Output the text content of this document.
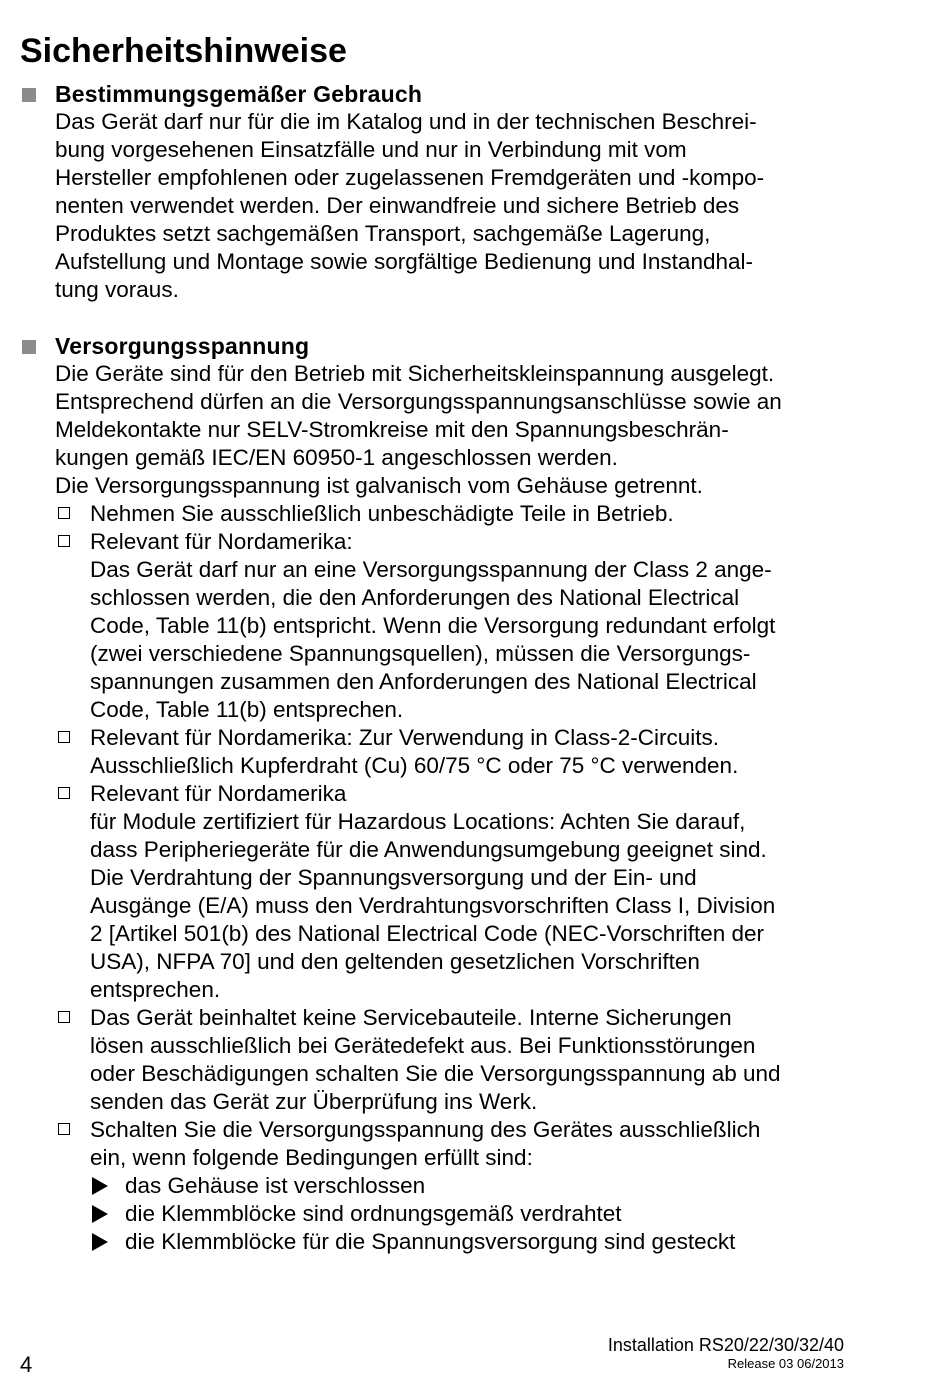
Sicherheitshinweise
Bestimmungsgemäßer Gebrauch
Das Gerät darf nur für die im Katalog und in der technischen Beschrei-
bung vorgesehenen Einsatzfälle und nur in Verbindung mit vom
Hersteller empfohlenen oder zugelassenen Fremdgeräten und -kompo-
nenten verwendet werden. Der einwandfreie und sichere Betrieb des
Produktes setzt sachgemäßen Transport, sachgemäße Lagerung,
Aufstellung und Montage sowie sorgfältige Bedienung und Instandhal-
tung voraus.
Versorgungsspannung
Die Geräte sind für den Betrieb mit Sicherheitskleinspannung ausgelegt.
Entsprechend dürfen an die Versorgungsspannungsanschlüsse sowie an
Meldekontakte nur SELV-Stromkreise mit den Spannungsbeschrän-
kungen gemäß IEC/EN 60950-1 angeschlossen werden.
Die Versorgungsspannung ist galvanisch vom Gehäuse getrennt.
Nehmen Sie ausschließlich unbeschädigte Teile in Betrieb.
Relevant für Nordamerika:
Das Gerät darf nur an eine Versorgungsspannung der Class 2 ange-
schlossen werden, die den Anforderungen des National Electrical
Code, Table 11(b) entspricht. Wenn die Versorgung redundant erfolgt
(zwei verschiedene Spannungsquellen), müssen die Versorgungs-
spannungen zusammen den Anforderungen des National Electrical
Code, Table 11(b) entsprechen.
Relevant für Nordamerika: Zur Verwendung in Class-2-Circuits.
Ausschließlich Kupferdraht (Cu) 60/75 °C oder 75 °C verwenden.
Relevant für Nordamerika
für Module zertifiziert für Hazardous Locations: Achten Sie darauf,
dass Peripheriegeräte für die Anwendungsumgebung geeignet sind.
Die Verdrahtung der Spannungsversorgung und der Ein- und
Ausgänge (E/A) muss den Verdrahtungsvorschriften Class I, Division
2 [Artikel 501(b) des National Electrical Code (NEC-Vorschriften der
USA), NFPA 70] und den geltenden gesetzlichen Vorschriften
entsprechen.
Das Gerät beinhaltet keine Servicebauteile. Interne Sicherungen
lösen ausschließlich bei Gerätedefekt aus. Bei Funktionsstörungen
oder Beschädigungen schalten Sie die Versorgungsspannung ab und
senden das Gerät zur Überprüfung ins Werk.
Schalten Sie die Versorgungsspannung des Gerätes ausschließlich
ein, wenn folgende Bedingungen erfüllt sind:
das Gehäuse ist verschlossen
die Klemmblöcke sind ordnungsgemäß verdrahtet
die Klemmblöcke für die Spannungsversorgung sind gesteckt
4
Installation RS20/22/30/32/40
Release 03 06/2013
